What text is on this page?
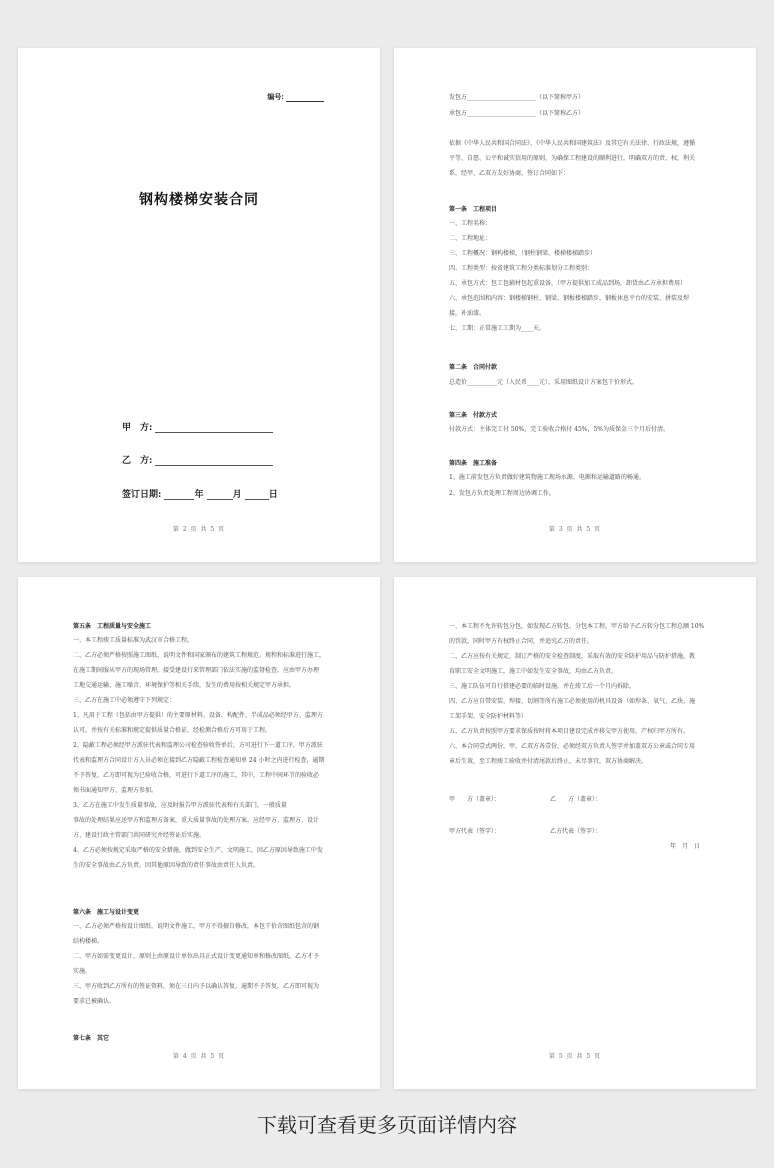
编号:
钢构楼梯安装合同
甲　方:
乙　方:
签订日期:	年	月	日
第 2 页 共 5 页
发包方_______________________（以下简称甲方）
承包方_______________________（以下简称乙方）
依据《中华人民共和国合同法》、《中华人民共和国建筑法》及其它有关法律、行政法规，遵循
平等、自愿、公平和诚实信用的原则，为确保工程建设的顺利进行，明确双方的责、权、利关
系，经甲、乙双方友好协商，签订合同如下：
第一条　工程项目
一、工程名称：
二、工程地址：
三、工程概况：钢构楼梯，（钢柱钢梁、楼梯楼梯踏步）
四、工程类型：按省建筑工程分类标准划分工程类别：
五、承包方式：包工包辅材包起重设备，（甲方提供加工成品到场，卸货由乙方承担费用）
六、承包范围和内容：钢楼梯钢柱、钢梁、钢板楼梯踏步，钢板休息平台的安装、拼装及焊
接，补油漆。
七、工期：正常施工工期为____天。
第二条　合同付款
总造价__________元（人民币____元），采用图纸设计方案包干价形式。
第三条　付款方式
付款方式：主体完工付 50%，完工验收合格付 45%，5%为质保金三个月后付清。
第四条　施工准备
1、施工前发包方负责做好建筑物施工现场水源、电源和运输道路的畅通。
2、发包方负责处理工程周边协调工作。
第 3 页 共 5 页
第五条　工程质量与安全施工
一、本工程竣工质量标准为武汉市合格工程。
二、乙方必须严格按照施工图纸、说明文件和国家颁布的建筑工程规范、规程和标准进行施工，
在施工期间服从甲方的现场管理，接受建设行来管理部门依法实施的监督检查。应由甲方办理
工地交通运输、施工噪音、环境保护等相关手续，发生的费用按相关规定甲方承担。
三、乙方在施工中必须遵守下列规定：
1、凡用于工程（包括由甲方提供）的主要原材料、设备、构配件、半成品必须经甲方、监理方
认可，并按有关标准和规定提供质量合格证，经检测合格后方可用于工程。
2、隐蔽工程必须经甲方派驻代表和监理公司检查验收签单后，方可进行下一道工序，甲方派驻
代表和监理方合同设计方人员必须在接到乙方隐蔽工程检查通知单 24 小时之内进行检查，逾期
不予答复，乙方即可视为已验收合格，可进行下道工序的施工，其中，工程中间环节的验收必
须书面通知甲方、监理方参加。
3、乙方在施工中发生质量事故，应及时报告甲方派驻代表和有关部门，一般质量
事故的处理结果应送甲方和监理方备案，重大质量事故的处理方案，应经甲方、监理方、设计
方、建设行政主管部门共同研究并经签证后实施。
4、乙方必须按规定采取严格的安全措施，做到安全生产、文明施工，因乙方原因导致施工中发
生的安全事故由乙方负责，因其他原因导致的责任事故由责任人负责。
第六条　施工与设计变更
一、乙方必须严格按设计图纸、说明文件施工，甲方不得擅自修改，本包干价含图纸包含的钢
结构楼梯。
二、甲方如需变更设计，原则上由原设计单位出具正式设计变更通知单和修改图纸，乙方才予
实施。
三、甲方收到乙方所有的签证资料，须在三日内予以确认答复，逾期不予答复，乙方即可视为
要求已被确认。
第七条　其它
第 4 页 共 5 页
一、本工程不允许转包分包，如发现乙方转包、分包本工程，甲方给予乙方转分包工程总额 10%
的罚款，同时甲方有权终止合同，并追究乙方的责任。
二、乙方应按有关规定，制订严格的安全检查制度，采取有效的安全防护用品与防护措施，教
育职工安全文明施工，施工中如发生安全事故，均由乙方负责。
三、施工队伍可自行搭建必要的临时设施，并在竣工后一个月内拆除。
四、乙方应自带安装、焊接、切割等所有施工必须使用的机具设备（如焊条、氧气、乙炔、施
工架手架、安全防护材料等）
五、乙方负责按照甲方要求保质按时将本项目建设完成并移交甲方使用，产权归甲方所有。
六、本合同壹式两份，甲、乙双方各壹份，必须经双方负责人签字并加盖双方公章或合同专用
章后生效，至工程竣工验收并付清尾款后终止，未尽事宜，双方协商解决。
甲　　方（盖章）：	乙　　方（盖章）：
甲方代表（签字）：	乙方代表（签字）：
年　月　日
第 5 页 共 5 页
下载可查看更多页面详情内容
